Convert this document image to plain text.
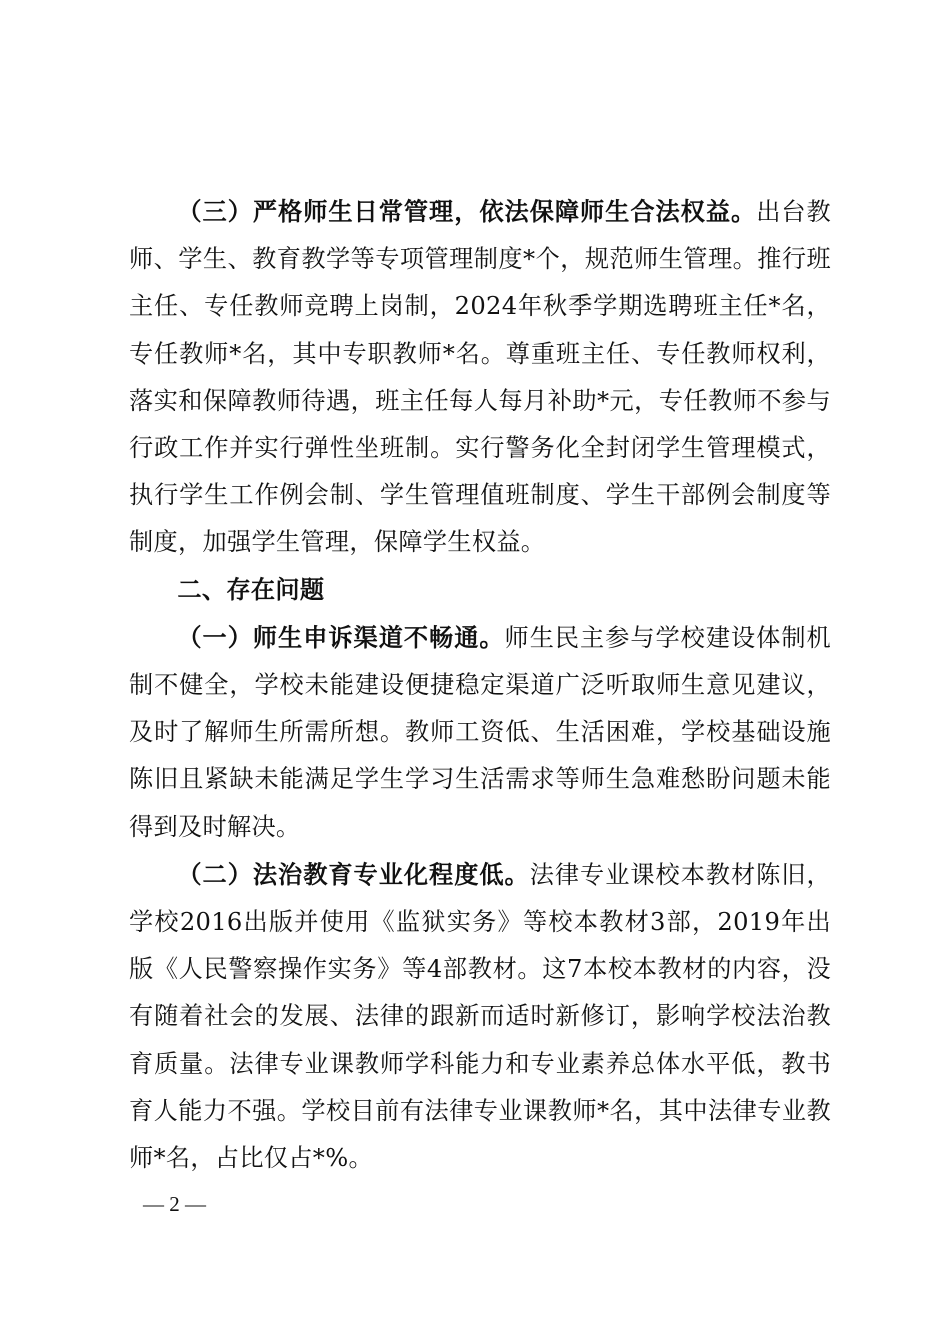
（三）严格师生日常管理，依法保障师生合法权益。出台教师、学生、教育教学等专项管理制度*个，规范师生管理。推行班主任、专任教师竞聘上岗制，2024年秋季学期选聘班主任*名，专任教师*名，其中专职教师*名。尊重班主任、专任教师权利，落实和保障教师待遇，班主任每人每月补助*元，专任教师不参与行政工作并实行弹性坐班制。实行警务化全封闭学生管理模式，执行学生工作例会制、学生管理值班制度、学生干部例会制度等制度，加强学生管理，保障学生权益。

二、存在问题

（一）师生申诉渠道不畅通。师生民主参与学校建设体制机制不健全，学校未能建设便捷稳定渠道广泛听取师生意见建议，及时了解师生所需所想。教师工资低、生活困难，学校基础设施陈旧且紧缺未能满足学生学习生活需求等师生急难愁盼问题未能得到及时解决。

（二）法治教育专业化程度低。法律专业课校本教材陈旧，学校2016出版并使用《监狱实务》等校本教材3部，2019年出版《人民警察操作实务》等4部教材。这7本校本教材的内容，没有随着社会的发展、法律的跟新而适时新修订，影响学校法治教育质量。法律专业课教师学科能力和专业素养总体水平低，教书育人能力不强。学校目前有法律专业课教师*名，其中法律专业教师*名，占比仅占*%。

— 2 —
